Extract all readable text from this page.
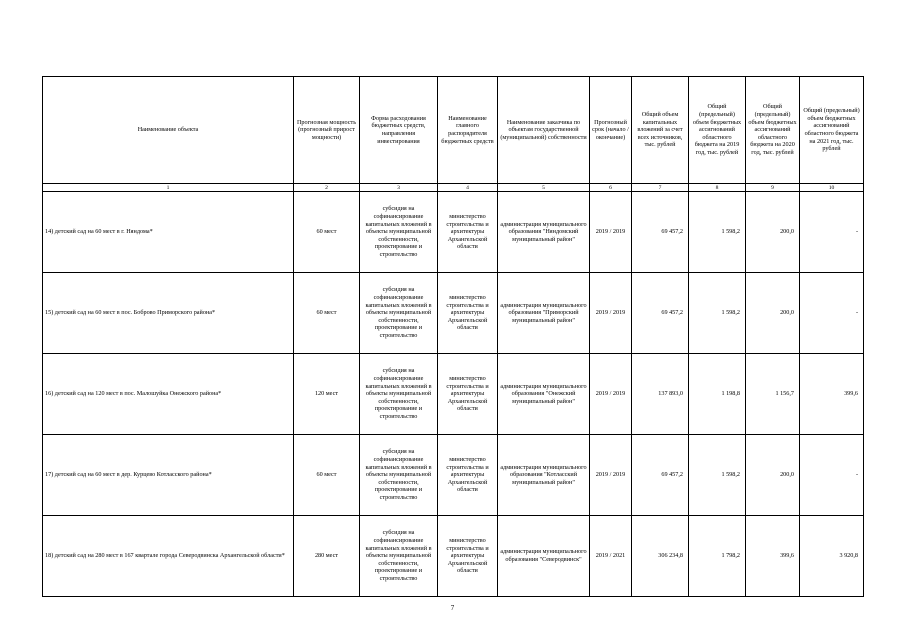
Наименование объекта	Прогнозная мощность (прогнозный прирост мощности)	Форма расходования бюджетных средств, направления инвестирования	Наименование главного распорядителя бюджетных средств	Наименование заказчика по объектам государственной (муниципальной) собственности	Прогнозный срок (начало / окончание)	Общий объем капитальных вложений за счет всех источников, тыс. рублей	Общий (предельный) объем бюджетных ассигнований областного бюджета на 2019 год, тыс. рублей	Общий (предельный) объем бюджетных ассигнований областного бюджета на 2020 год, тыс. рублей	Общий (предельный) объем бюджетных ассигнований областного бюджета на 2021 год, тыс. рублей
1	2	3	4	5	6	7	8	9	10
14) детский сад на 60 мест в г. Няндома*	60 мест	субсидия на софинансирование капитальных вложений в объекты муниципальной собственности, проектирование и строительство	министерство строительства и архитектуры Архангельской области	администрация муниципального образования "Няндомский муниципальный район"	2019 / 2019	69 457,2	1 598,2	200,0	-
15) детский сад на 60 мест в пос. Боброво Приморского района*	60 мест	субсидия на софинансирование капитальных вложений в объекты муниципальной собственности, проектирование и строительство	министерство строительства и архитектуры Архангельской области	администрация муниципального образования "Приморский муниципальный район"	2019 / 2019	69 457,2	1 598,2	200,0	-
16) детский сад на 120 мест в пос. Малошуйка Онежского района*	120 мест	субсидия на софинансирование капитальных вложений в объекты муниципальной собственности, проектирование и строительство	министерство строительства и архитектуры Архангельской области	администрация муниципального образования "Онежский муниципальный район"	2019 / 2019	137 893,0	1 198,8	1 156,7	399,6
17) детский сад на 60 мест в дер. Курцево Котласского района*	60 мест	субсидия на софинансирование капитальных вложений в объекты муниципальной собственности, проектирование и строительство	министерство строительства и архитектуры Архангельской области	администрация муниципального образования "Котласский муниципальный район"	2019 / 2019	69 457,2	1 598,2	200,0	-
18) детский сад на 280 мест в 167 квартале города Северодвинска Архангельской области*	280 мест	субсидия на софинансирование капитальных вложений в объекты муниципальной собственности, проектирование и строительство	министерство строительства и архитектуры Архангельской области	администрация муниципального образования "Северодвинск"	2019 / 2021	306 234,8	1 798,2	399,6	3 920,8
7
